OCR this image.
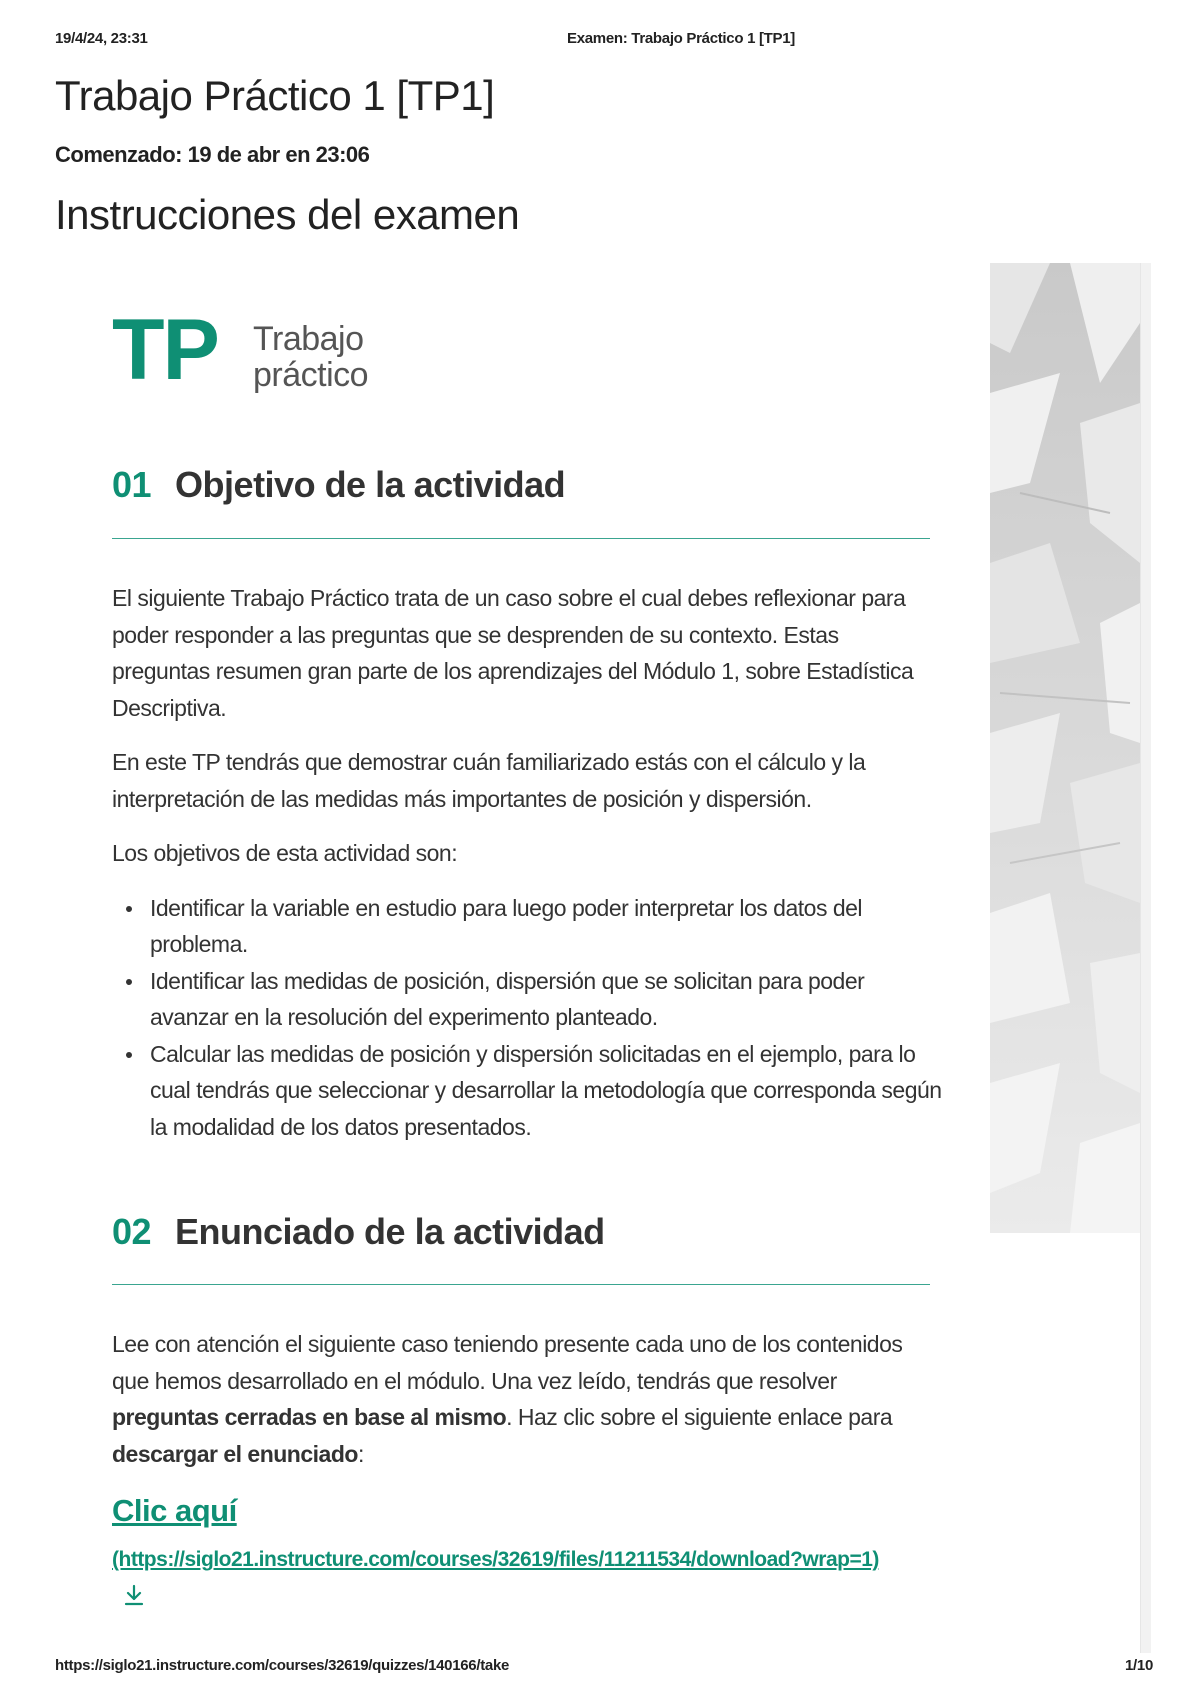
19/4/24, 23:31	Examen: Trabajo Práctico 1 [TP1]
Trabajo Práctico 1 [TP1]
Comenzado: 19 de abr en 23:06
Instrucciones del examen
TP Trabajo
práctico
01 Objetivo de la actividad

El siguiente Trabajo Práctico trata de un caso sobre el cual debes reflexionar para poder responder a las preguntas que se desprenden de su contexto. Estas preguntas resumen gran parte de los aprendizajes del Módulo 1, sobre Estadística Descriptiva.

En este TP tendrás que demostrar cuán familiarizado estás con el cálculo y la interpretación de las medidas más importantes de posición y dispersión.

Los objetivos de esta actividad son:

Identificar la variable en estudio para luego poder interpretar los datos del problema.
Identificar las medidas de posición, dispersión que se solicitan para poder avanzar en la resolución del experimento planteado.
Calcular las medidas de posición y dispersión solicitadas en el ejemplo, para lo cual tendrás que seleccionar y desarrollar la metodología que corresponda según la modalidad de los datos presentados.
02 Enunciado de la actividad

Lee con atención el siguiente caso teniendo presente cada uno de los contenidos que hemos desarrollado en el módulo. Una vez leído, tendrás que resolver preguntas cerradas en base al mismo. Haz clic sobre el siguiente enlace para descargar el enunciado:

Clic aquí
(https://siglo21.instructure.com/courses/32619/files/11211534/download?wrap=1)
https://siglo21.instructure.com/courses/32619/quizzes/140166/take	1/10
